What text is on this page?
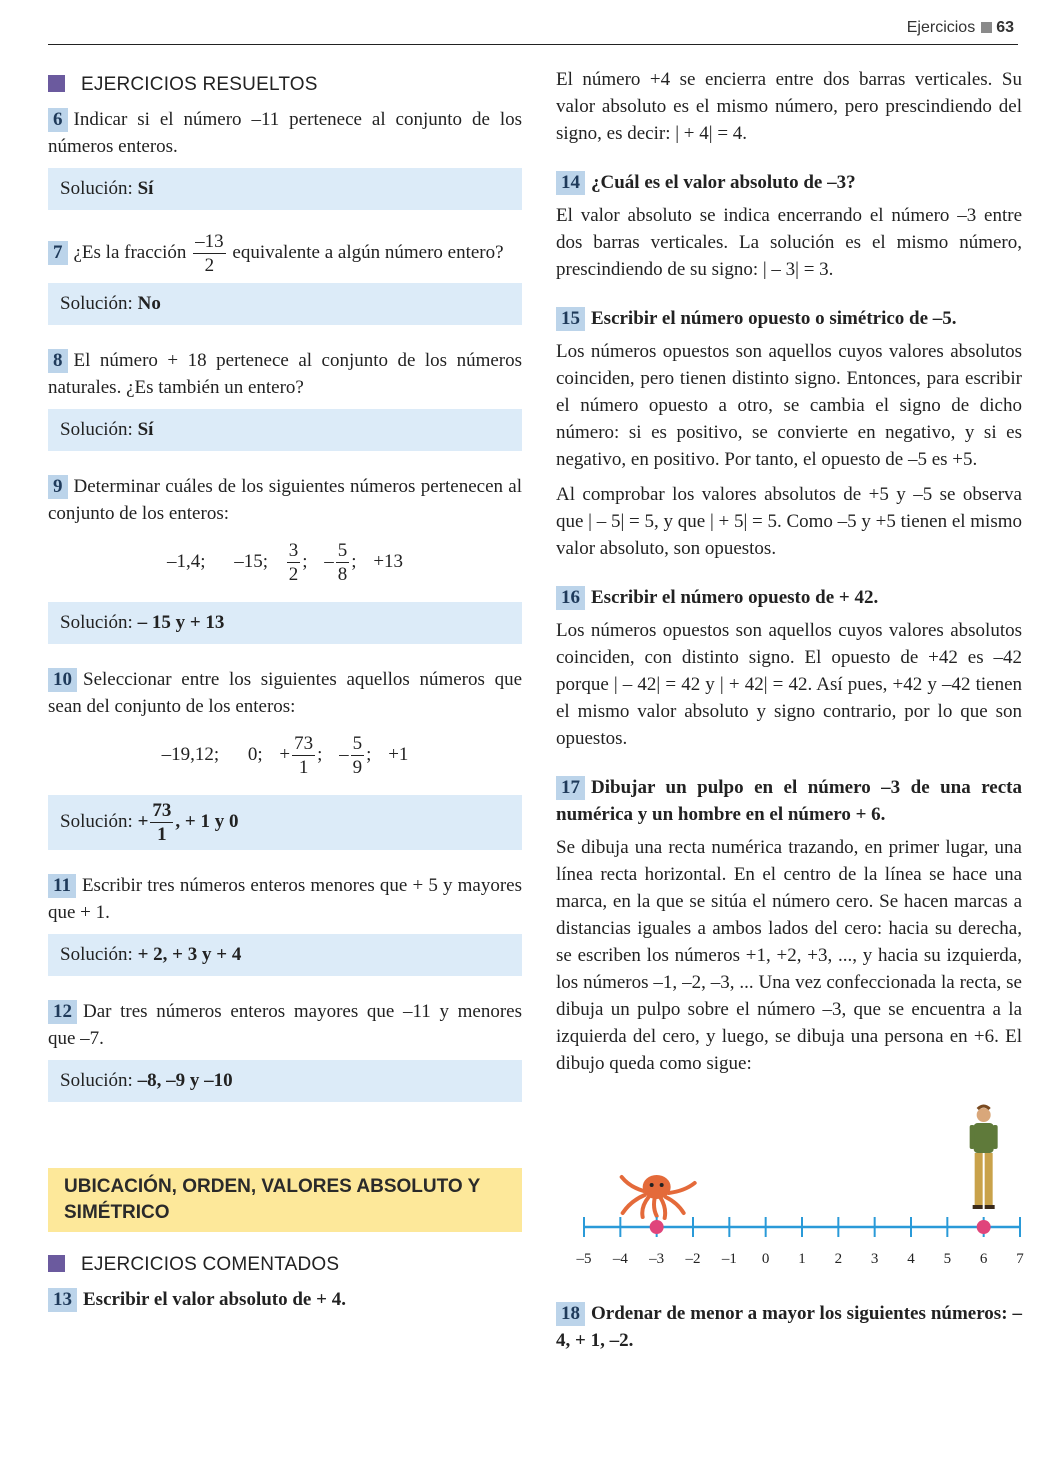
Ejercicios 63
EJERCICIOS RESUELTOS

6 Indicar si el número –11 pertenece al conjunto de los números enteros.

Solución: Sí

7 ¿Es la fracción $\frac{-13}{2}$ equivalente a algún número entero?

Solución: No

8 El número + 18 pertenece al conjunto de los números naturales. ¿Es también un entero?

Solución: Sí

9 Determinar cuáles de los siguientes números pertenecen al conjunto de los enteros:

–1,4; –15; $\frac{3}{2}$ ; – $\frac{5}{8}$ ; +13
Solución: – 15 y + 13

10 Seleccionar entre los siguientes aquellos números que sean del conjunto de los enteros:

–19,12; 0; + $\frac{73}{1}$ ; – $\frac{5}{9}$ ; +1
Solución: + $\frac{73}{1}$ , + 1 y 0

11 Escribir tres números enteros menores que + 5 y mayores que + 1.

Solución: + 2, + 3 y + 4

12 Dar tres números enteros mayores que –11 y menores que –7.

Solución: –8, –9 y –10
UBICACIÓN, ORDEN, VALORES ABSOLUTO Y SIMÉTRICO
EJERCICIOS COMENTADOS

13 Escribir el valor absoluto de + 4.

El número +4 se encierra entre dos barras verticales. Su valor absoluto es el mismo número, pero prescindiendo del signo, es decir: | + 4| = 4.

14 ¿Cuál es el valor absoluto de –3?

El valor absoluto se indica encerrando el número –3 entre dos barras verticales. La solución es el mismo número, prescindiendo de su signo: | – 3| = 3.

15 Escribir el número opuesto o simétrico de –5.

Los números opuestos son aquellos cuyos valores absolutos coinciden, pero tienen distinto signo. Entonces, para escribir el número opuesto a otro, se cambia el signo de dicho número: si es positivo, se convierte en negativo, y si es negativo, en positivo. Por tanto, el opuesto de –5 es +5.

Al comprobar los valores absolutos de +5 y –5 se observa que | – 5| = 5, y que | + 5| = 5. Como –5 y +5 tienen el mismo valor absoluto, son opuestos.

16 Escribir el número opuesto de + 42.

Los números opuestos son aquellos cuyos valores absolutos coinciden, con distinto signo. El opuesto de +42 es –42 porque | – 42| = 42 y | + 42| = 42. Así pues, +42 y –42 tienen el mismo valor absoluto y signo contrario, por lo que son opuestos.

17 Dibujar un pulpo en el número –3 de una recta numérica y un hombre en el número + 6.

Se dibuja una recta numérica trazando, en primer lugar, una línea recta horizontal. En el centro de la línea se hace una marca, en la que se sitúa el número cero. Se hacen marcas a distancias iguales a ambos lados del cero: hacia su derecha, se escriben los números +1, +2, +3, ..., y hacia su izquierda, los números –1, –2, –3, ... Una vez confeccionada la recta, se dibuja un pulpo sobre el número –3, que se encuentra a la izquierda del cero, y luego, se dibuja una persona en +6. El dibujo queda como sigue:

–5 –4 –3 –2 –1 0 1 2 3 4 5 6 7

18 Ordenar de menor a mayor los siguientes números: –4, + 1, –2.
